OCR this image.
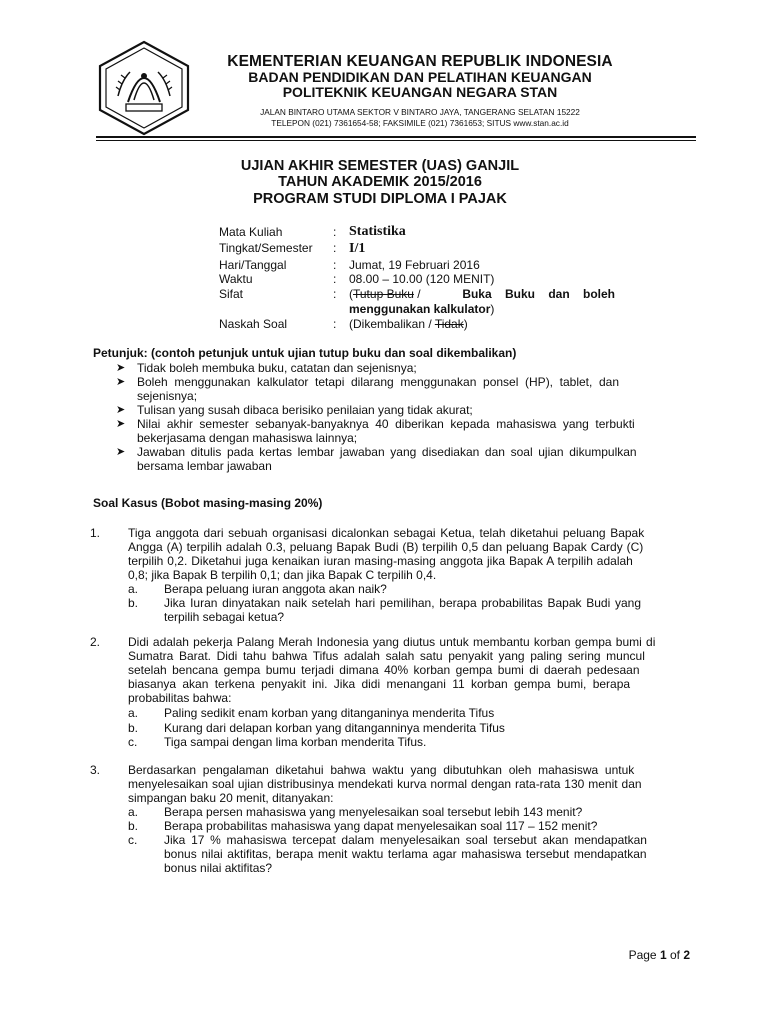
KEMENTERIAN KEUANGAN REPUBLIK INDONESIA
BADAN PENDIDIKAN DAN PELATIHAN KEUANGAN
POLITEKNIK KEUANGAN NEGARA STAN
JALAN BINTARO UTAMA SEKTOR V BINTARO JAYA, TANGERANG SELATAN 15222
TELEPON (021) 7361654-58; FAKSIMILE (021) 7361653; SITUS www.stan.ac.id
UJIAN AKHIR SEMESTER (UAS) GANJIL
TAHUN AKADEMIK 2015/2016
PROGRAM STUDI DIPLOMA I PAJAK
Mata Kuliah	: Statistika
Tingkat/Semester : I/1
Hari/Tanggal	: Jumat, 19 Februari 2016
Waktu	: 08.00 – 10.00 (120 MENIT)
Sifat	: (Tutup Buku /	Buka Buku dan boleh
menggunakan kalkulator)
Naskah Soal	: (Dikembalikan / Tidak)
Petunjuk: (contoh petunjuk untuk ujian tutup buku dan soal dikembalikan)
➤ Tidak boleh membuka buku, catatan dan sejenisnya;
➤ Boleh menggunakan kalkulator tetapi dilarang menggunakan ponsel (HP), tablet, dan
sejenisnya;
➤ Tulisan yang susah dibaca berisiko penilaian yang tidak akurat;
➤ Nilai akhir semester sebanyak-banyaknya 40 diberikan kepada mahasiswa yang terbukti
bekerjasama dengan mahasiswa lainnya;
➤ Jawaban ditulis pada kertas lembar jawaban yang disediakan dan soal ujian dikumpulkan
bersama lembar jawaban
Soal Kasus (Bobot masing-masing 20%)
1. Tiga anggota dari sebuah organisasi dicalonkan sebagai Ketua, telah diketahui peluang Bapak
Angga (A) terpilih adalah 0.3, peluang Bapak Budi (B) terpilih 0,5 dan peluang Bapak Cardy (C)
terpilih 0,2. Diketahui juga kenaikan iuran masing-masing anggota jika Bapak A terpilih adalah
0,8; jika Bapak B terpilih 0,1; dan jika Bapak C terpilih 0,4.
a. Berapa peluang iuran anggota akan naik?
b. Jika Iuran dinyatakan naik setelah hari pemilihan, berapa probabilitas Bapak Budi yang
terpilih sebagai ketua?
2. Didi adalah pekerja Palang Merah Indonesia yang diutus untuk membantu korban gempa bumi di
Sumatra Barat. Didi tahu bahwa Tifus adalah salah satu penyakit yang paling sering muncul
setelah bencana gempa bumu terjadi dimana 40% korban gempa bumi di daerah pedesaan
biasanya akan terkena penyakit ini. Jika didi menangani 11 korban gempa bumi, berapa
probabilitas bahwa:
a. Paling sedikit enam korban yang ditanganinya menderita Tifus
b. Kurang dari delapan korban yang ditanganninya menderita Tifus
c. Tiga sampai dengan lima korban menderita Tifus.
3. Berdasarkan pengalaman diketahui bahwa waktu yang dibutuhkan oleh mahasiswa untuk
menyelesaikan soal ujian distribusinya mendekati kurva normal dengan rata-rata 130 menit dan
simpangan baku 20 menit, ditanyakan:
a. Berapa persen mahasiswa yang menyelesaikan soal tersebut lebih 143 menit?
b. Berapa probabilitas mahasiswa yang dapat menyelesaikan soal 117 – 152 menit?
c. Jika 17 % mahasiswa tercepat dalam menyelesaikan soal tersebut akan mendapatkan
bonus nilai aktifitas, berapa menit waktu terlama agar mahasiswa tersebut mendapatkan
bonus nilai aktifitas?
Page 1 of 2
